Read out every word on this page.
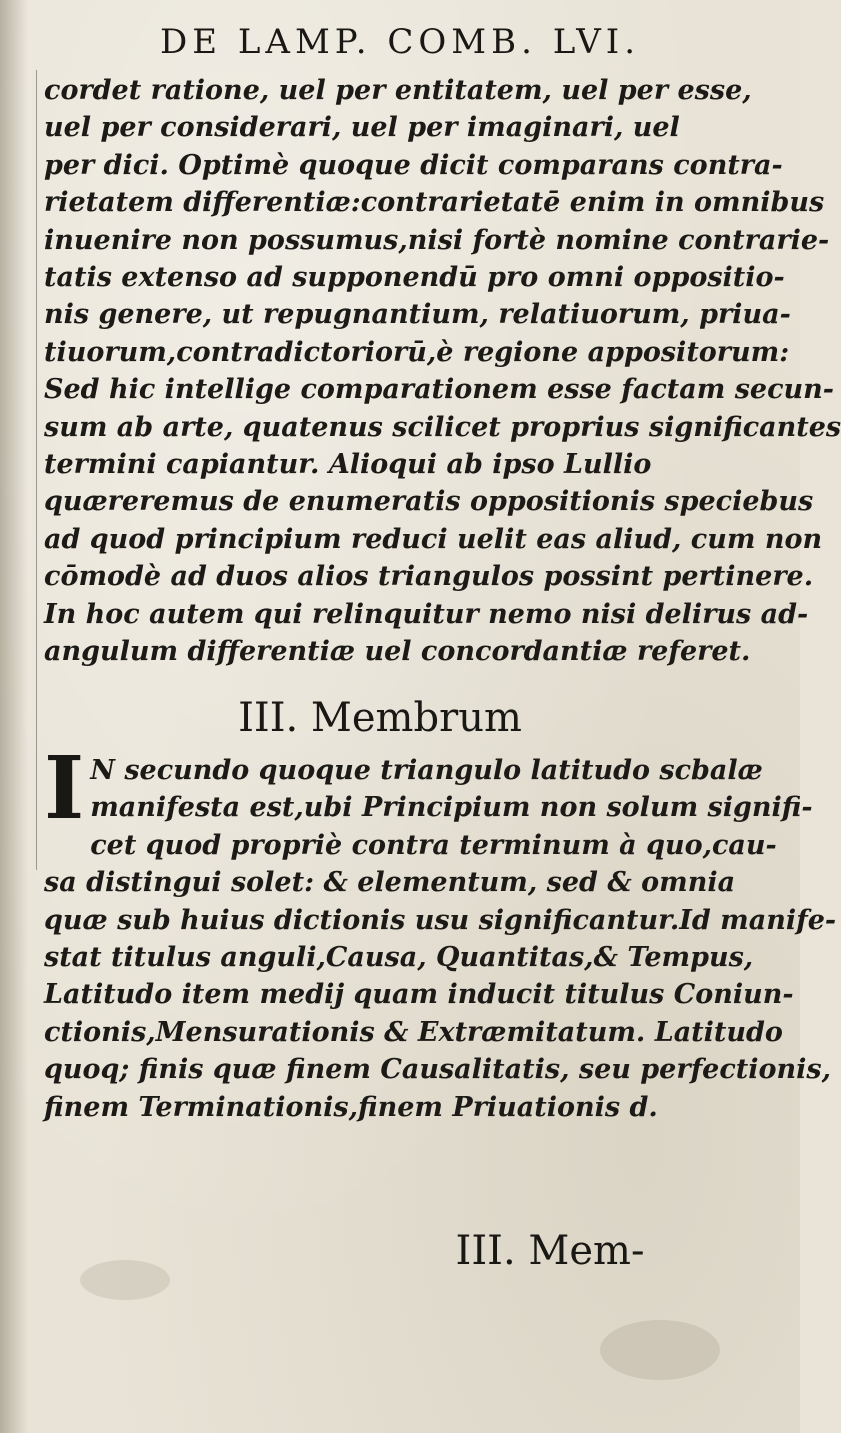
DE LAMP. COMB. LVI.
cordet ratione, uel per entitatem, uel per esse,
uel per considerari, uel per imaginari, uel
per dici. Optimè quoque dicit comparans contra-
rietatem differentiæ:contrarietatē enim in omnibus
inuenire non possumus,nisi fortè nomine contrarie-
tatis extenso ad supponendū pro omni oppositio-
nis genere, ut repugnantium, relatiuorum, priua-
tiuorum,contradictoriorū,è regione appositorum:
Sed hic intellige comparationem esse factam secun-
sum ab arte, quatenus scilicet proprius significantes
termini capiantur. Alioqui ab ipso Lullio
quæreremus de enumeratis oppositionis speciebus
ad quod principium reduci uelit eas aliud, cum non
cōmodè ad duos alios triangulos possint pertinere.
In hoc autem qui relinquitur nemo nisi delirus ad-
angulum differentiæ uel concordantiæ referet.
III. Membrum
I N secundo quoque triangulo latitudo scbalæ
manifesta est,ubi Principium non solum signifi-
cet quod propriè contra terminum à quo,cau-
sa distingui solet: & elementum, sed & omnia
quæ sub huius dictionis usu significantur.Id manife-
stat titulus anguli,Causa, Quantitas,& Tempus,
Latitudo item medij quam inducit titulus Coniun-
ctionis,Mensurationis & Extræmitatum. Latitudo
quoq; finis quæ finem Causalitatis, seu perfectionis,
finem Terminationis,finem Priuationis d.
III. Mem-
